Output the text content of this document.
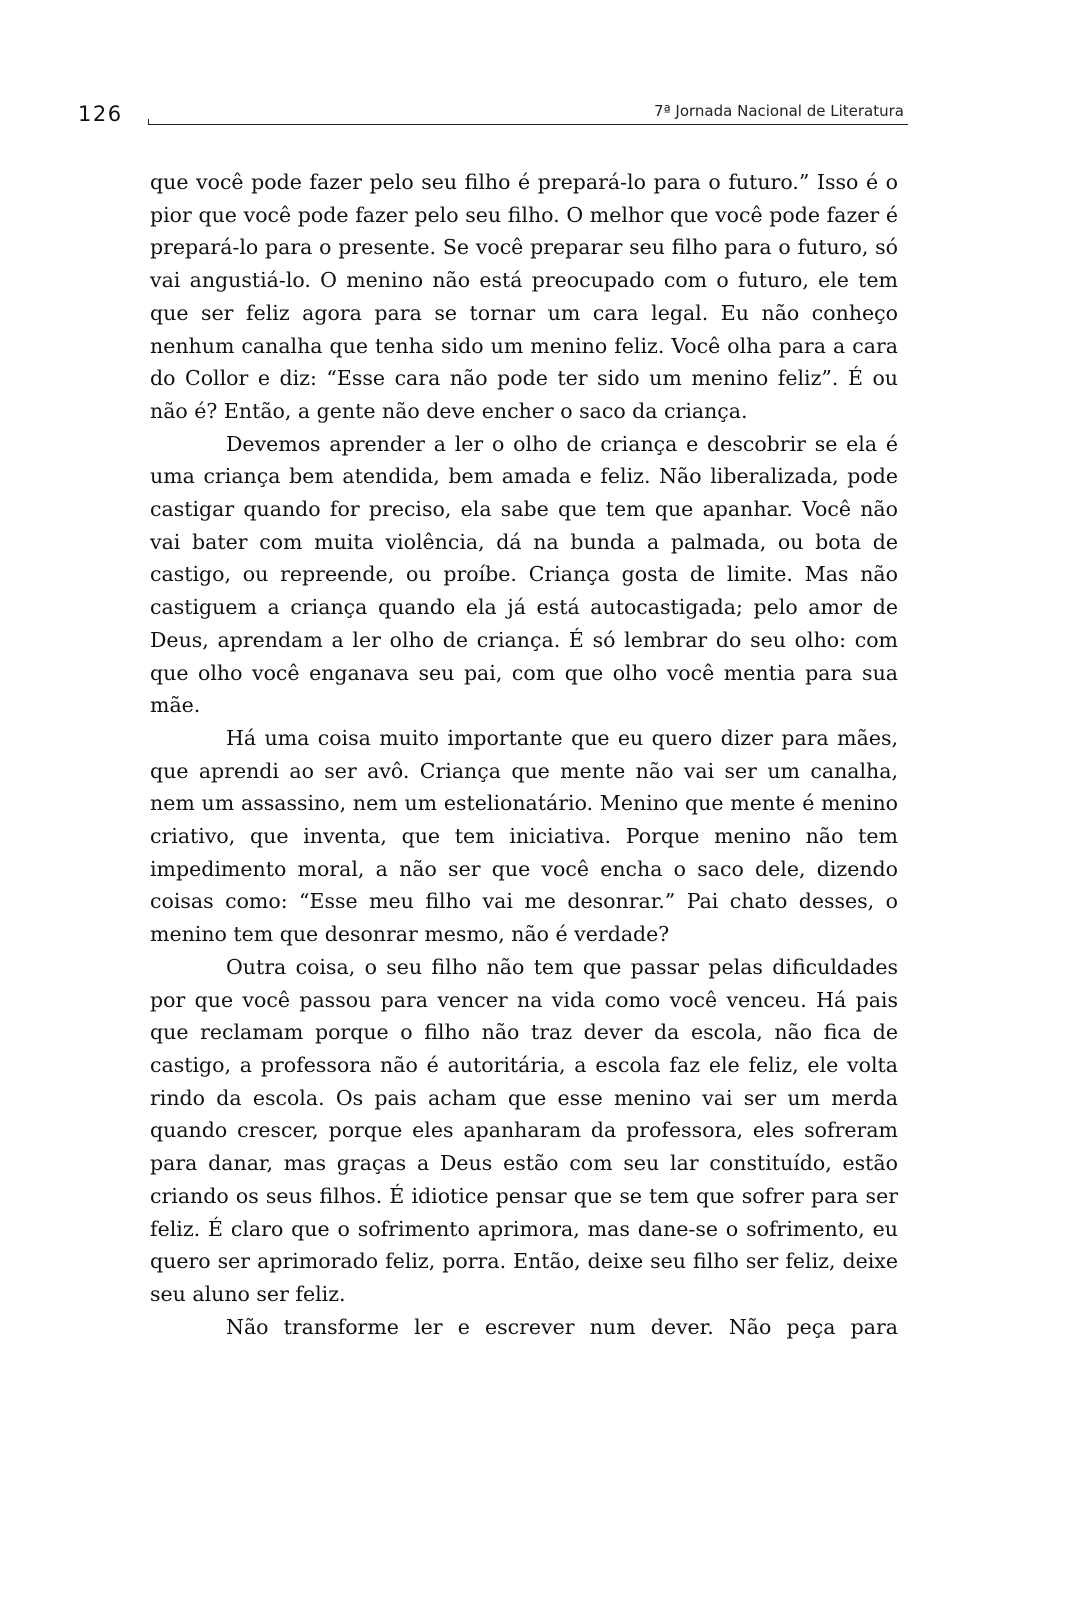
126	7ª Jornada Nacional de Literatura

que você pode fazer pelo seu filho é prepará-lo para o futuro.” Isso é o pior que você pode fazer pelo seu filho. O melhor que você pode fazer é prepará-lo para o presente. Se você preparar seu filho para o futuro, só vai angustiá-lo. O menino não está preocupado com o futuro, ele tem que ser feliz agora para se tornar um cara legal. Eu não conheço nenhum canalha que tenha sido um menino feliz. Você olha para a cara do Collor e diz: “Esse cara não pode ter sido um menino feliz”. É ou não é? Então, a gente não deve encher o saco da criança.

Devemos aprender a ler o olho de criança e descobrir se ela é uma criança bem atendida, bem amada e feliz. Não liberalizada, pode castigar quando for preciso, ela sabe que tem que apanhar. Você não vai bater com muita violência, dá na bunda a palmada, ou bota de castigo, ou repreende, ou proíbe. Criança gosta de limite. Mas não castiguem a criança quando ela já está autocastigada; pelo amor de Deus, aprendam a ler olho de criança. É só lembrar do seu olho: com que olho você enganava seu pai, com que olho você mentia para sua mãe.

Há uma coisa muito importante que eu quero dizer para mães, que aprendi ao ser avô. Criança que mente não vai ser um canalha, nem um assassino, nem um estelionatário. Menino que mente é menino criativo, que inventa, que tem iniciativa. Porque menino não tem impedimento moral, a não ser que você encha o saco dele, dizendo coisas como: “Esse meu filho vai me desonrar.” Pai chato desses, o menino tem que desonrar mesmo, não é verdade?

Outra coisa, o seu filho não tem que passar pelas dificuldades por que você passou para vencer na vida como você venceu. Há pais que reclamam porque o filho não traz dever da escola, não fica de castigo, a professora não é autoritária, a escola faz ele feliz, ele volta rindo da escola. Os pais acham que esse menino vai ser um merda quando crescer, porque eles apanharam da professora, eles sofreram para danar, mas graças a Deus estão com seu lar constituído, estão criando os seus filhos. É idiotice pensar que se tem que sofrer para ser feliz. É claro que o sofrimento aprimora, mas dane-se o sofrimento, eu quero ser aprimorado feliz, porra. Então, deixe seu filho ser feliz, deixe seu aluno ser feliz.

Não transforme ler e escrever num dever. Não peça para
